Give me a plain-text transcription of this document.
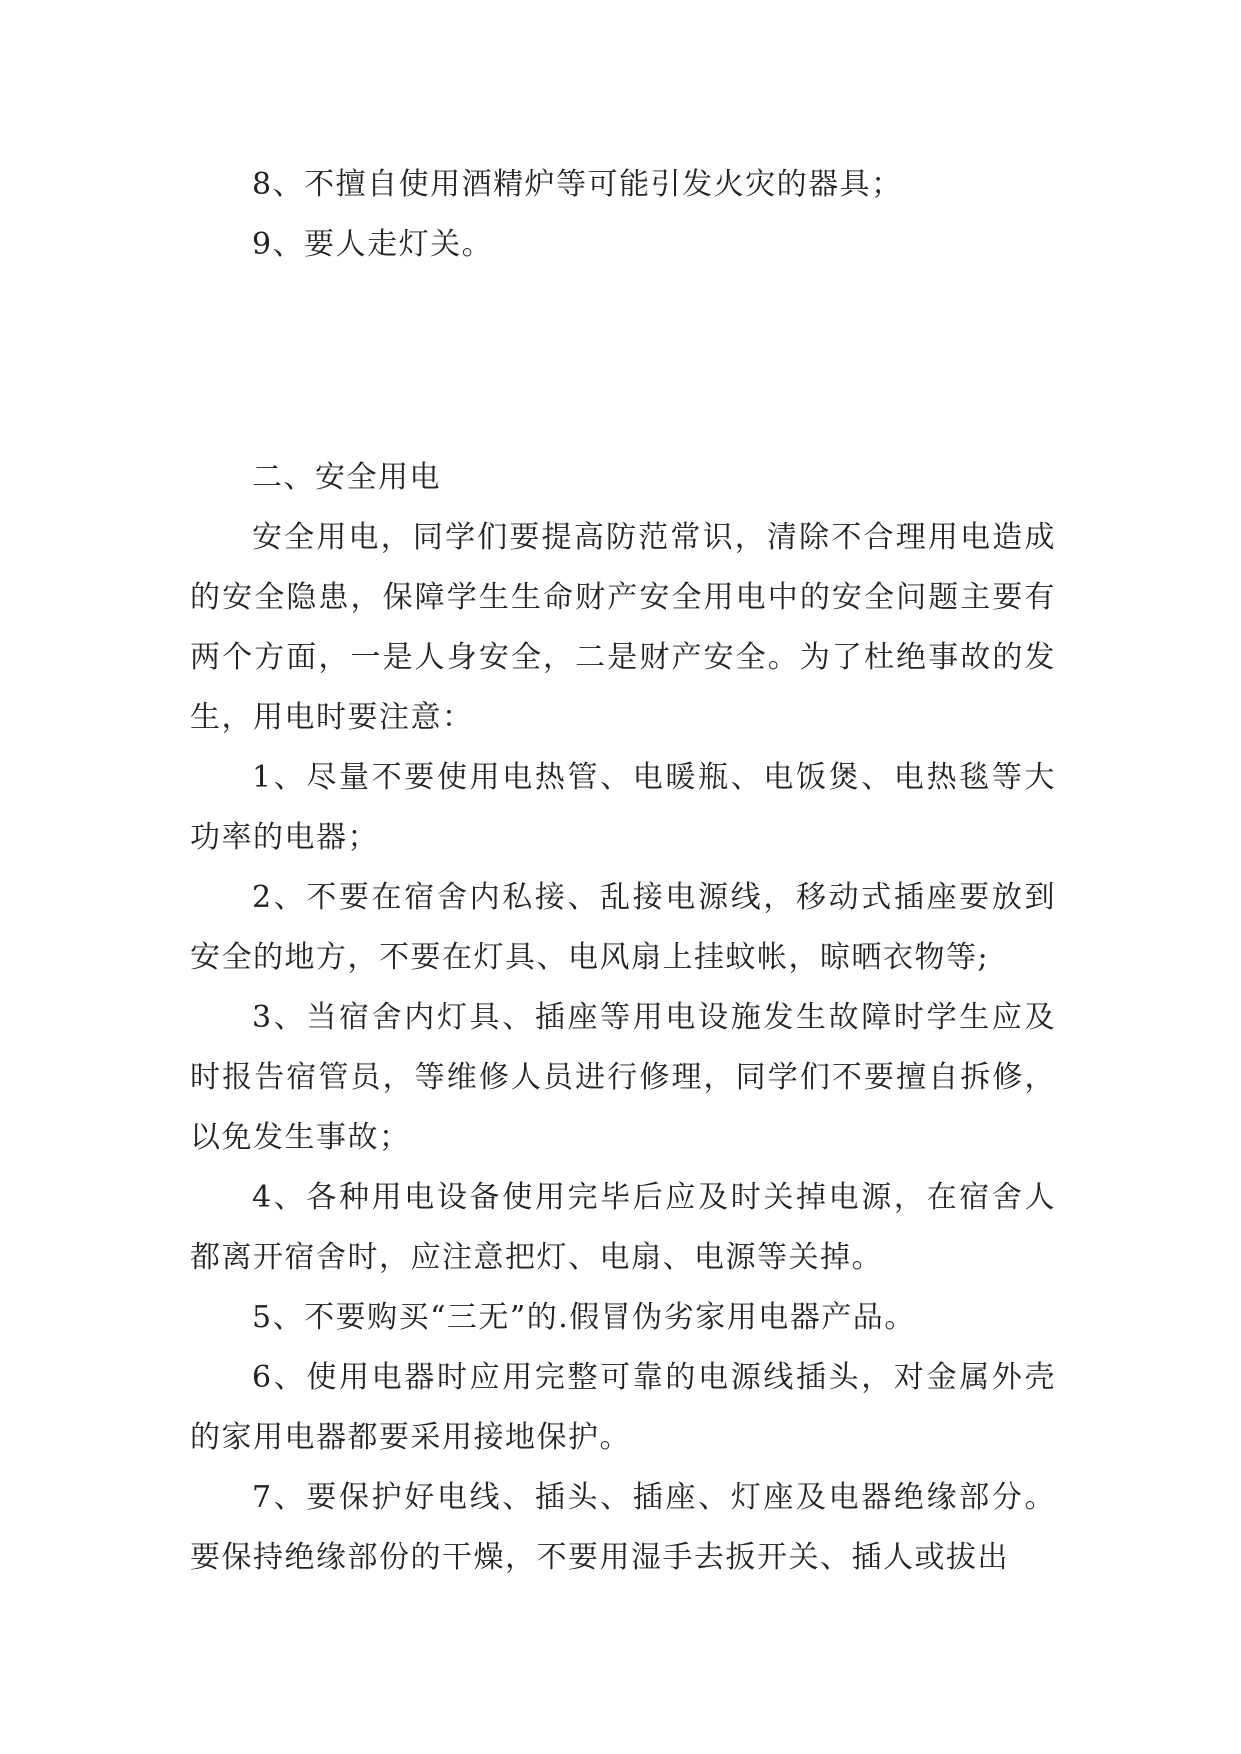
8、不擅自使用酒精炉等可能引发火灾的器具；

9、要人走灯关。

二、安全用电

安全用电，同学们要提高防范常识，清除不合理用电造成的安全隐患，保障学生生命财产安全用电中的安全问题主要有两个方面，一是人身安全，二是财产安全。为了杜绝事故的发生，用电时要注意：

1、尽量不要使用电热管、电暖瓶、电饭煲、电热毯等大功率的电器；

2、不要在宿舍内私接、乱接电源线，移动式插座要放到安全的地方，不要在灯具、电风扇上挂蚊帐，晾晒衣物等;

3、当宿舍内灯具、插座等用电设施发生故障时学生应及时报告宿管员，等维修人员进行修理，同学们不要擅自拆修，以免发生事故；

4、各种用电设备使用完毕后应及时关掉电源，在宿舍人都离开宿舍时，应注意把灯、电扇、电源等关掉。

5、不要购买“三无”的.假冒伪劣家用电器产品。

6、使用电器时应用完整可靠的电源线插头，对金属外壳的家用电器都要采用接地保护。

7、要保护好电线、插头、插座、灯座及电器绝缘部分。要保持绝缘部份的干燥，不要用湿手去扳开关、插人或拔出
